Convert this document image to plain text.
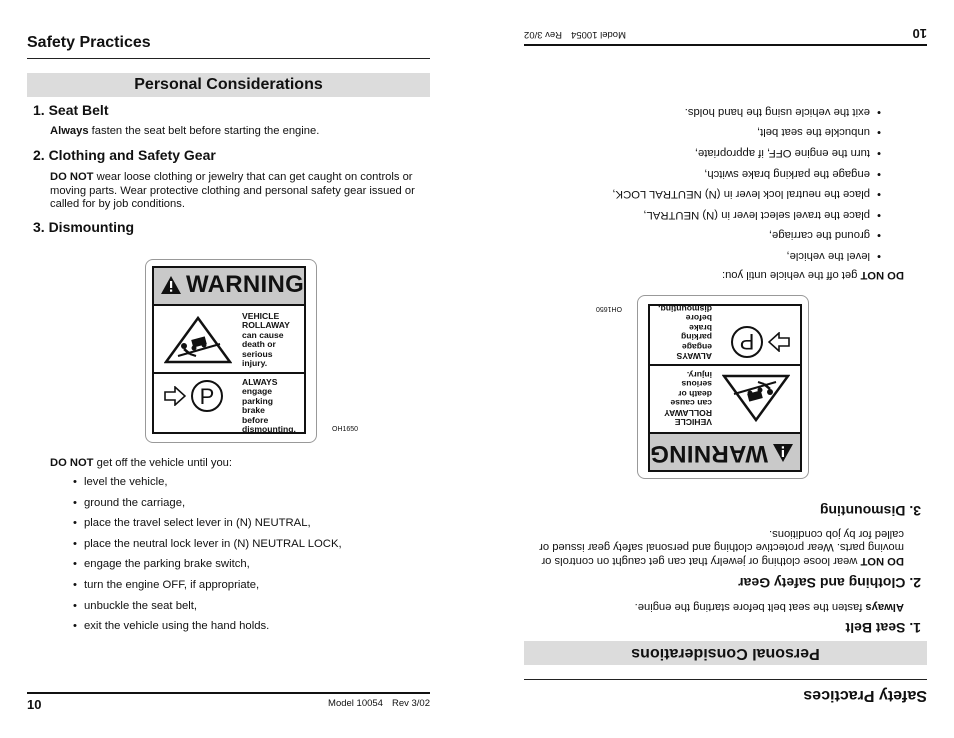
Safety Practices
Personal Considerations
1. Seat Belt
Always fasten the seat belt before starting the engine.
2. Clothing and Safety Gear
DO NOT wear loose clothing or jewelry that can get caught on controls or moving parts. Wear protective clothing and personal safety gear issued or called for by job conditions.
3. Dismounting
WARNING
VEHICLE
ROLLAWAY
can cause
death or
serious
injury.
P
ALWAYS
engage
parking
brake
before
dismounting.	OH1650
DO NOT get off the vehicle until you:
• level the vehicle,
• ground the carriage,
• place the travel select lever in (N) NEUTRAL,
• place the neutral lock lever in (N) NEUTRAL LOCK,
• engage the parking brake switch,
• turn the engine OFF, if appropriate,
• unbuckle the seat belt,
• exit the vehicle using the hand holds.
10	Model 10054 Rev 3/02	Safety Practices
Personal Considerations
1. Seat Belt
Always fasten the seat belt before starting the engine.
2. Clothing and Safety Gear
DO NOT wear loose clothing or jewelry that can get caught on controls or moving parts. Wear protective clothing and personal safety gear issued or called for by job conditions.
3. Dismounting
WARNING
VEHICLE
ROLLAWAY
can cause
death or
serious
injury.
P
ALWAYS
engage
parking
brake
before
dismounting.
OH1650
DO NOT get off the vehicle until you:
•
level the vehicle,
•
ground the carriage,
•
place the travel select lever in (N) NEUTRAL,
•
place the neutral lock lever in (N) NEUTRAL LOCK,
•
engage the parking brake switch,
•
turn the engine OFF, if appropriate,
•
unbuckle the seat belt,
•
exit the vehicle using the hand holds.
10
Model 10054Rev 3/02
